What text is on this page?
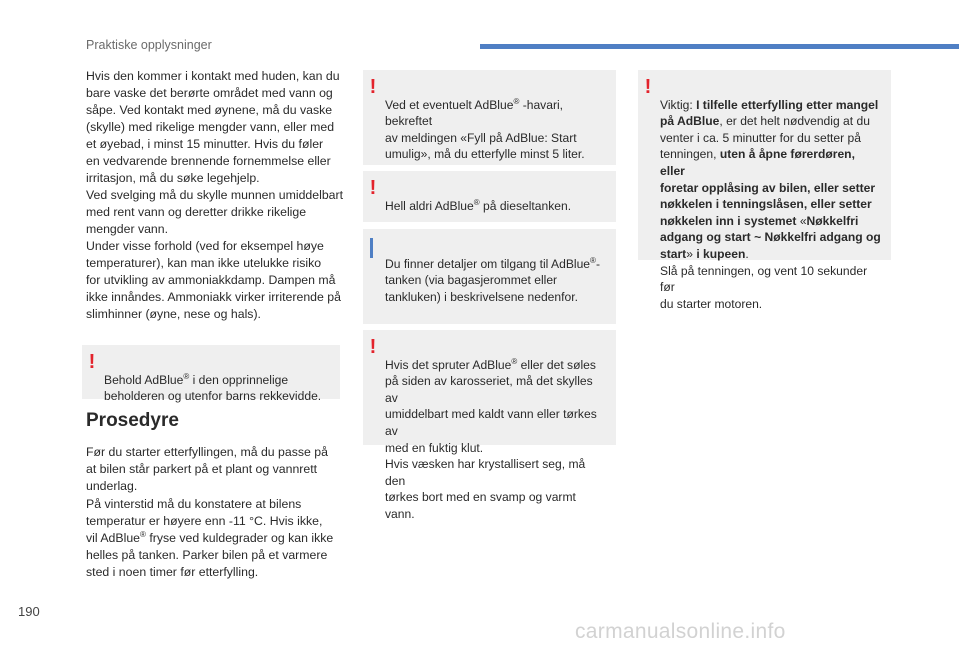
Praktiske opplysninger
Hvis den kommer i kontakt med huden, kan du
bare vaske det berørte området med vann og
såpe. Ved kontakt med øynene, må du vaske
(skylle) med rikelige mengder vann, eller med
et øyebad, i minst 15 minutter. Hvis du føler
en vedvarende brennende fornemmelse eller
irritasjon, må du søke legehjelp.
Ved svelging må du skylle munnen umiddelbart
med rent vann og deretter drikke rikelige
mengder vann.
Under visse forhold (ved for eksempel høye
temperaturer), kan man ikke utelukke risiko
for utvikling av ammoniakkdamp. Dampen må
ikke innåndes. Ammoniakk virker irriterende på
slimhinner (øyne, nese og hals).

!
Behold AdBlue® i den opprinnelige
beholderen og utenfor barns rekkevidde.

Prosedyre
Før du starter etterfyllingen, må du passe på
at bilen står parkert på et plant og vannrett
underlag.
På vinterstid må du konstatere at bilens
temperatur er høyere enn -11 °C. Hvis ikke,
vil AdBlue® fryse ved kuldegrader og kan ikke
helles på tanken. Parker bilen på et varmere
sted i noen timer før etterfylling.

!
Ved et eventuelt AdBlue® -havari, bekreftet
av meldingen «Fyll på AdBlue: Start
umulig», må du etterfylle minst 5 liter.

!
Hell aldri AdBlue® på dieseltanken.

Du finner detaljer om tilgang til AdBlue®-
tanken (via bagasjerommet eller
tankluken) i beskrivelsene nedenfor.

!
Hvis det spruter AdBlue® eller det søles
på siden av karosseriet, må det skylles av
umiddelbart med kaldt vann eller tørkes av
med en fuktig klut.
Hvis væsken har krystallisert seg, må den
tørkes bort med en svamp og varmt vann.

!
Viktig: I tilfelle etterfylling etter mangel
på AdBlue, er det helt nødvendig at du
venter i ca. 5 minutter for du setter på
tenningen, uten å åpne førerdøren, eller
foretar opplåsing av bilen, eller setter
nøkkelen i tenningslåsen, eller setter
nøkkelen inn i systemet «Nøkkelfri
adgang og start ~ Nøkkelfri adgang og
start» i kupeen.
Slå på tenningen, og vent 10 sekunder før
du starter motoren.

190
carmanualsonline.info
